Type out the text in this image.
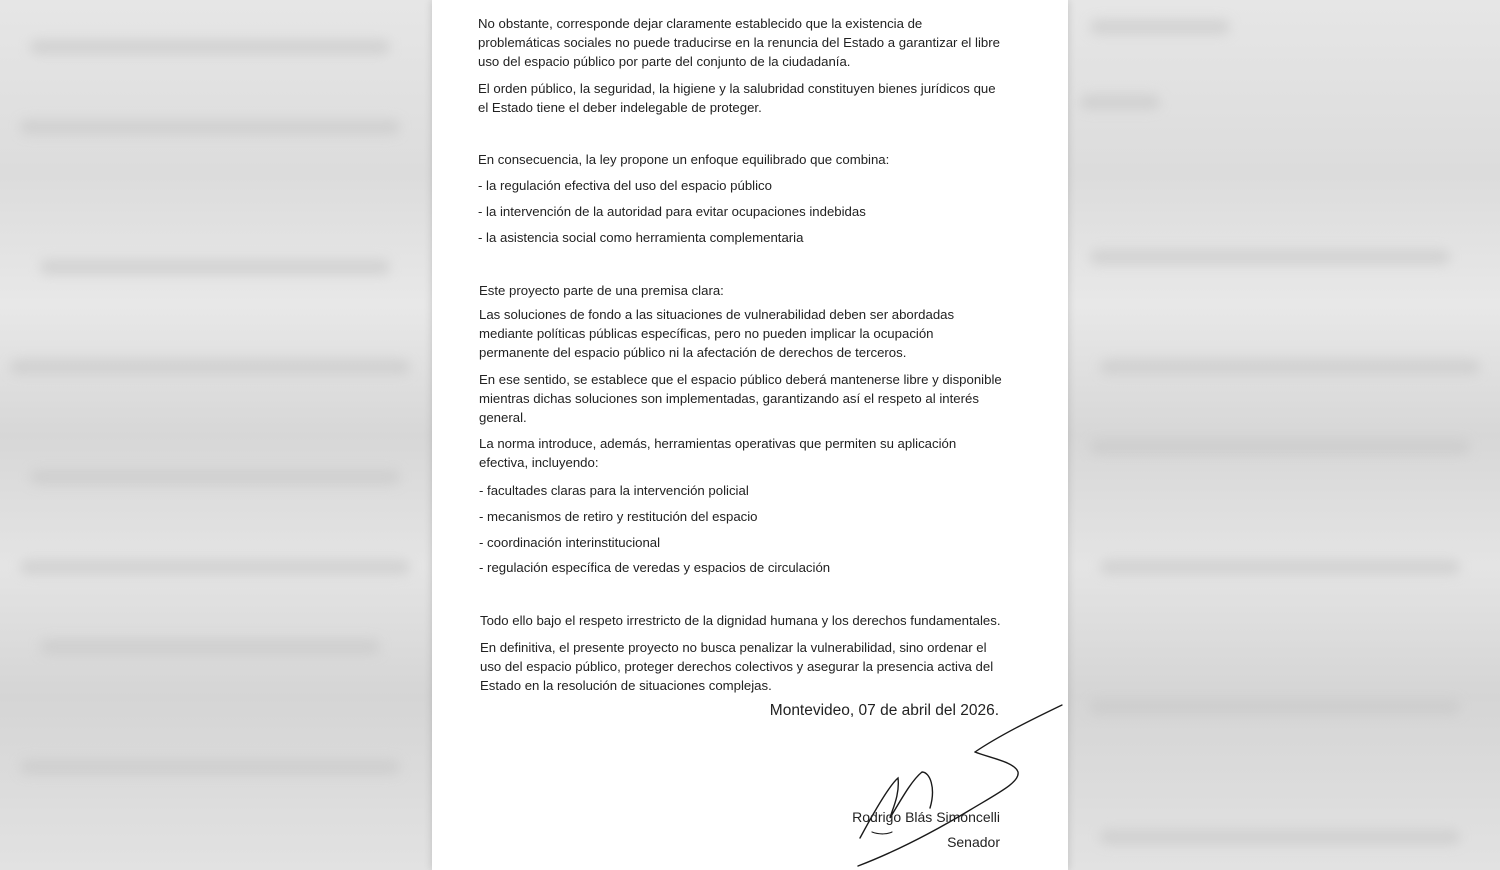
No obstante, corresponde dejar claramente establecido que la existencia de
problemáticas sociales no puede traducirse en la renuncia del Estado a garantizar el libre
uso del espacio público por parte del conjunto de la ciudadanía.
El orden público, la seguridad, la higiene y la salubridad constituyen bienes jurídicos que
el Estado tiene el deber indelegable de proteger.
En consecuencia, la ley propone un enfoque equilibrado que combina:
- la regulación efectiva del uso del espacio público
- la intervención de la autoridad para evitar ocupaciones indebidas
- la asistencia social como herramienta complementaria
Este proyecto parte de una premisa clara:
Las soluciones de fondo a las situaciones de vulnerabilidad deben ser abordadas
mediante políticas públicas específicas, pero no pueden implicar la ocupación
permanente del espacio público ni la afectación de derechos de terceros.
En ese sentido, se establece que el espacio público deberá mantenerse libre y disponible
mientras dichas soluciones son implementadas, garantizando así el respeto al interés
general.
La norma introduce, además, herramientas operativas que permiten su aplicación
efectiva, incluyendo:
- facultades claras para la intervención policial
- mecanismos de retiro y restitución del espacio
- coordinación interinstitucional
- regulación específica de veredas y espacios de circulación
Todo ello bajo el respeto irrestricto de la dignidad humana y los derechos fundamentales.
En definitiva, el presente proyecto no busca penalizar la vulnerabilidad, sino ordenar el
uso del espacio público, proteger derechos colectivos y asegurar la presencia activa del
Estado en la resolución de situaciones complejas.
Montevideo, 07 de abril del 2026.
Rodrigo Blás Simoncelli
Senador
